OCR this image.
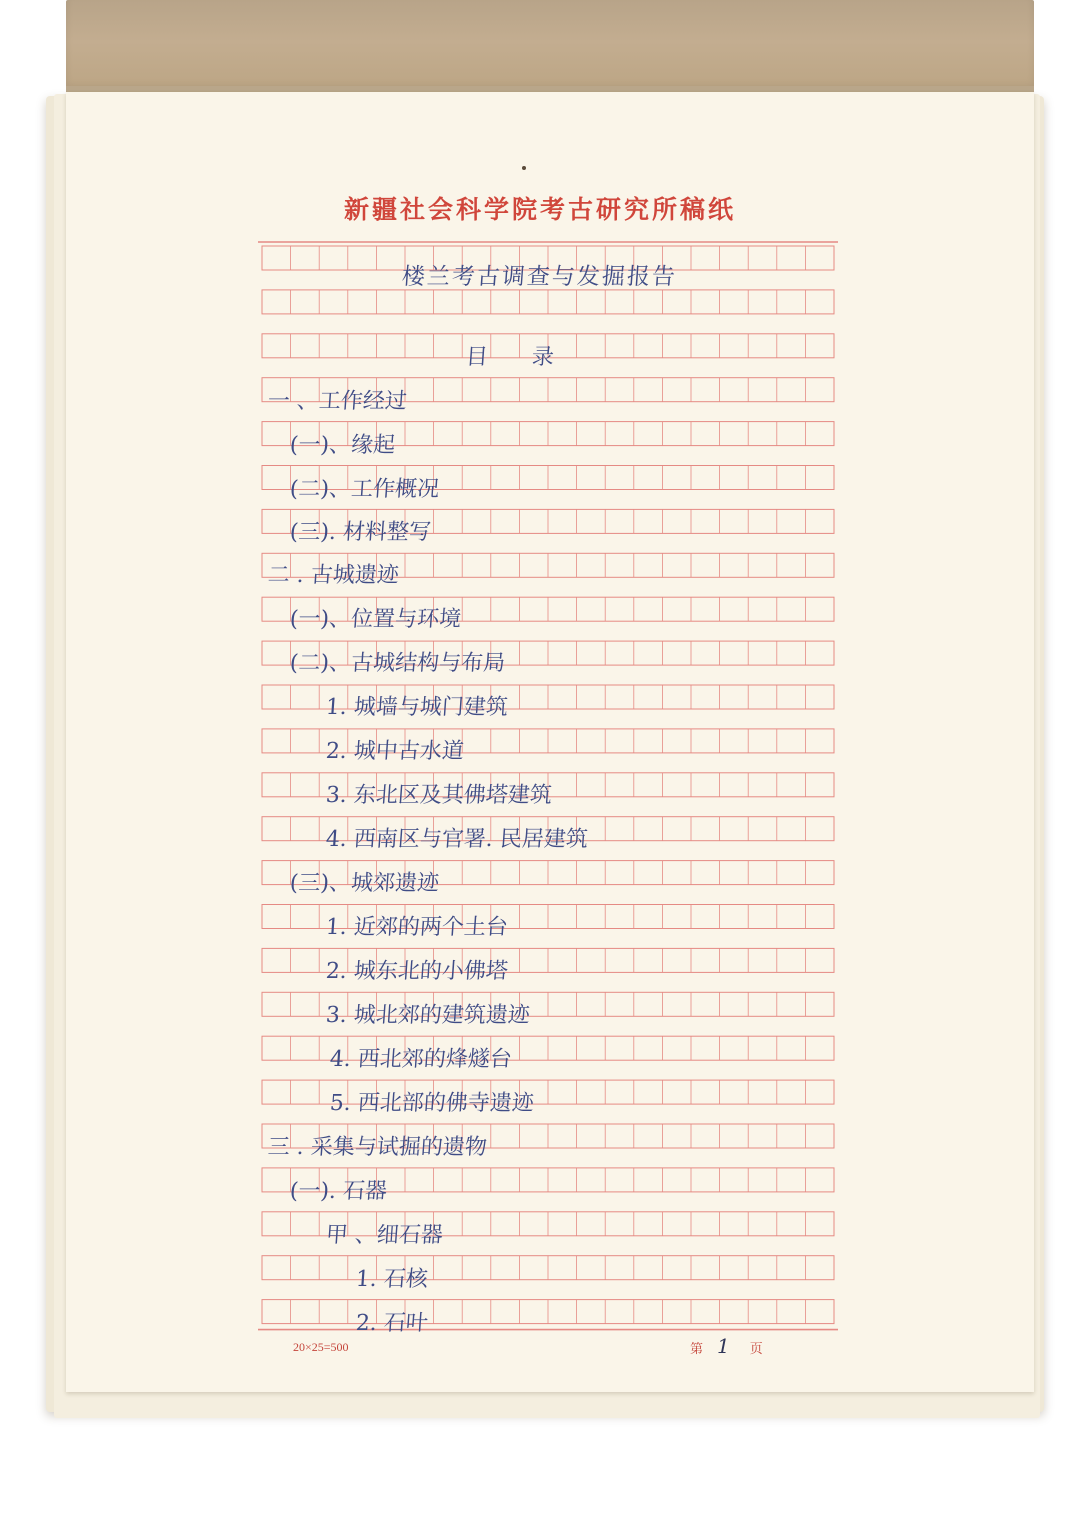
新疆社会科学院考古研究所稿纸
楼兰考古调查与发掘报告
目　　录
一 、工作经过
(一)、缘起
(二)、工作概况
(三). 材料整写
二 . 古城遗迹
(一)、位置与环境
(二)、古城结构与布局
1. 城墙与城门建筑
2. 城中古水道
3. 东北区及其佛塔建筑
4. 西南区与官署. 民居建筑
(三)、城郊遗迹
1. 近郊的两个土台
2. 城东北的小佛塔
3. 城北郊的建筑遗迹
4. 西北郊的烽燧台
5. 西北部的佛寺遗迹
三 . 采集与试掘的遗物
(一). 石器
甲 、细石器
1. 石核
2. 石叶
20×25=500	第 1 页
